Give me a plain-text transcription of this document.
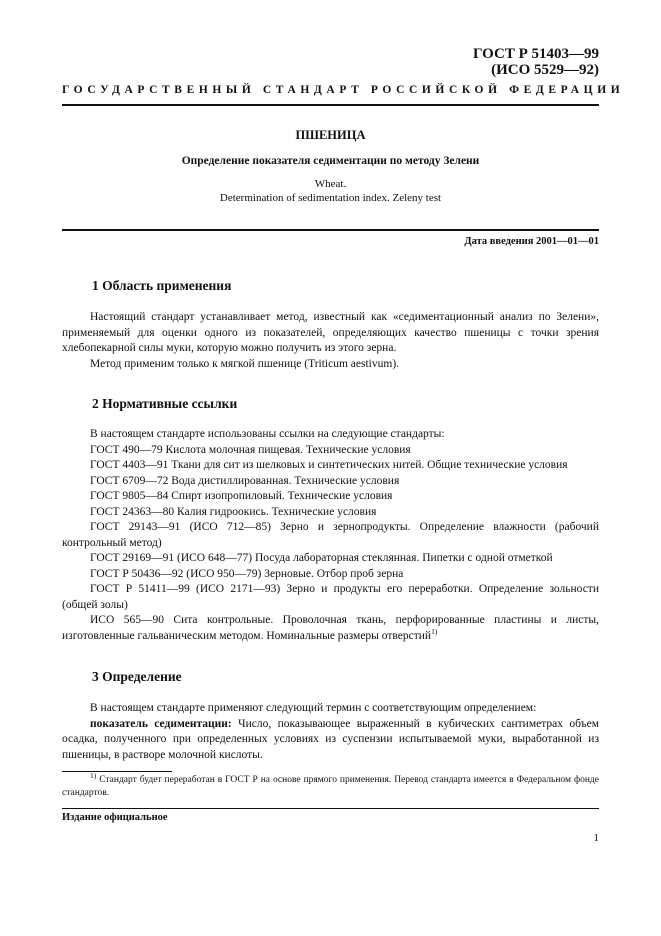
ГОСТ Р 51403—99
(ИСО 5529—92)
ГОСУДАРСТВЕННЫЙ СТАНДАРТ РОССИЙСКОЙ ФЕДЕРАЦИИ
ПШЕНИЦА
Определение показателя седиментации по методу Зелени
Wheat.
Determination of sedimentation index. Zeleny test
Дата введения 2001—01—01
1 Область применения

Настоящий стандарт устанавливает метод, известный как «седиментационный анализ по Зелени», применяемый для оценки одного из показателей, определяющих качество пшеницы с точки зрения хлебопекарной силы муки, которую можно получить из этого зерна.

Метод применим только к мягкой пшенице (Triticum aestivum).

2 Нормативные ссылки

В настоящем стандарте использованы ссылки на следующие стандарты:

ГОСТ 490—79 Кислота молочная пищевая. Технические условия

ГОСТ 4403—91 Ткани для сит из шелковых и синтетических нитей. Общие технические условия

ГОСТ 6709—72 Вода дистиллированная. Технические условия

ГОСТ 9805—84 Спирт изопропиловый. Технические условия

ГОСТ 24363—80 Калия гидроокись. Технические условия

ГОСТ 29143—91 (ИСО 712—85) Зерно и зернопродукты. Определение влажности (рабочий контрольный метод)

ГОСТ 29169—91 (ИСО 648—77) Посуда лабораторная стеклянная. Пипетки с одной отметкой

ГОСТ Р 50436—92 (ИСО 950—79) Зерновые. Отбор проб зерна

ГОСТ Р 51411—99 (ИСО 2171—93) Зерно и продукты его переработки. Определение зольности (общей золы)

ИСО 565—90 Сита контрольные. Проволочная ткань, перфорированные пластины и листы, изготовленные гальваническим методом. Номинальные размеры отверстий$^{1)}$

3 Определение

В настоящем стандарте применяют следующий термин с соответствующим определением:

показатель седиментации: Число, показывающее выраженный в кубических сантиметрах объем осадка, полученного при определенных условиях из суспензии испытываемой муки, выработанной из пшеницы, в растворе молочной кислоты.

$^{1)}$ Стандарт будет переработан в ГОСТ Р на основе прямого применения. Перевод стандарта имеется в Федеральном фонде стандартов.

Издание официальное
1
